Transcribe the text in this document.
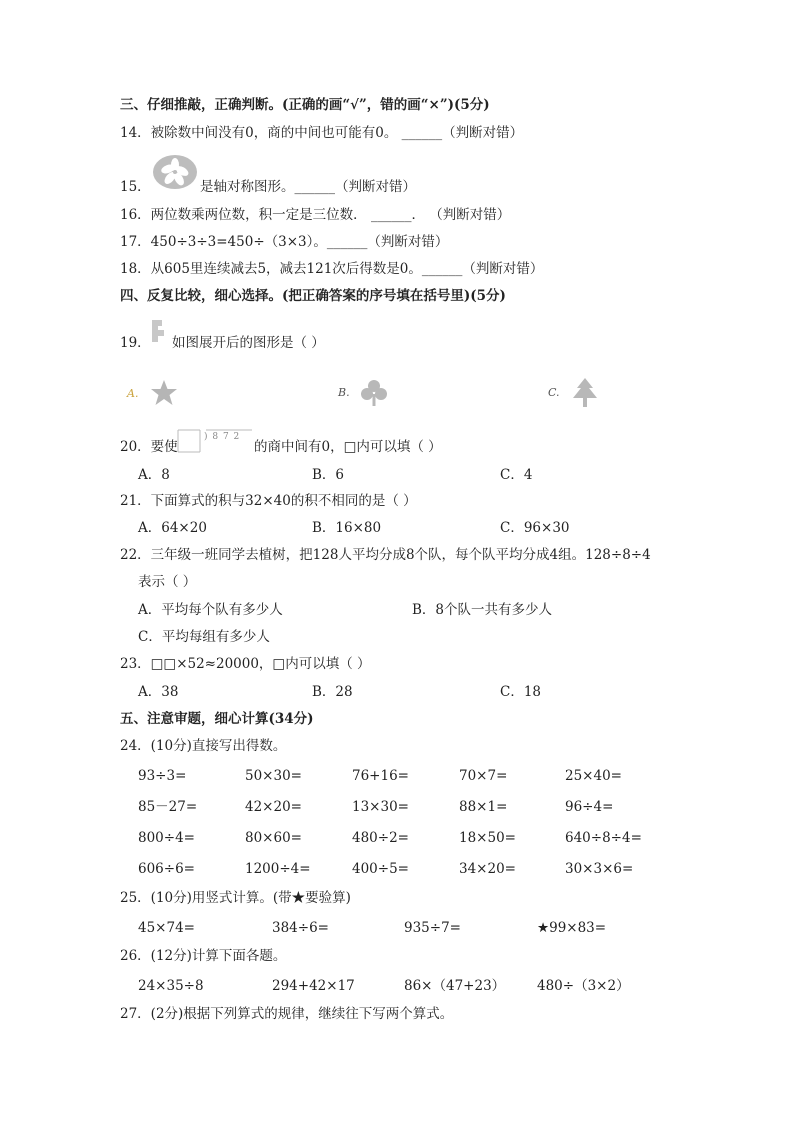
三、仔细推敲，正确判断。(正确的画“√”，错的画“×”)(5分)
14．被除数中间没有0，商的中间也可能有0。 ______（判断对错）
15．	是轴对称图形。______（判断对错）
16．两位数乘两位数，积一定是三位数． ______． （判断对错）
17．450÷3÷3=450÷（3×3）。______（判断对错）
18．从605里连续减去5，减去121次后得数是0。______（判断对错）
四、反复比较，细心选择。(把正确答案的序号填在括号里)(5分)
19． 如图展开后的图形是（ ）
A.	B.	C.
20．要使
) 8 7 2
的商中间有0，□内可以填（ ）
A．8	B．6	C．4
21．下面算式的积与32×40的积不相同的是（ ）
A．64×20	B．16×80	C．96×30
22．三年级一班同学去植树，把128人平均分成8个队，每个队平均分成4组。128÷8÷4
表示（ ）
A．平均每个队有多少人	B．8个队一共有多少人
C．平均每组有多少人
23．□□×52≈20000，□内可以填（ ）
A．38	B．28	C．18
五、注意审题，细心计算(34分)
24．(10分)直接写出得数。
93÷3=	50×30=	76+16=	70×7=	25×40=
85－27=	42×20=	13×30=	88×1=	96÷4=
800÷4=	80×60=	480÷2=	18×50=	640÷8÷4=
606÷6=	1200÷4=	400÷5=	34×20=	30×3×6=
25．(10分)用竖式计算。(带★要验算)
45×74=	384÷6=	935÷7=	★99×83=
26．(12分)计算下面各题。
24×35÷8	294+42×17	86×（47+23） 480÷（3×2）
27．(2分)根据下列算式的规律，继续往下写两个算式。
